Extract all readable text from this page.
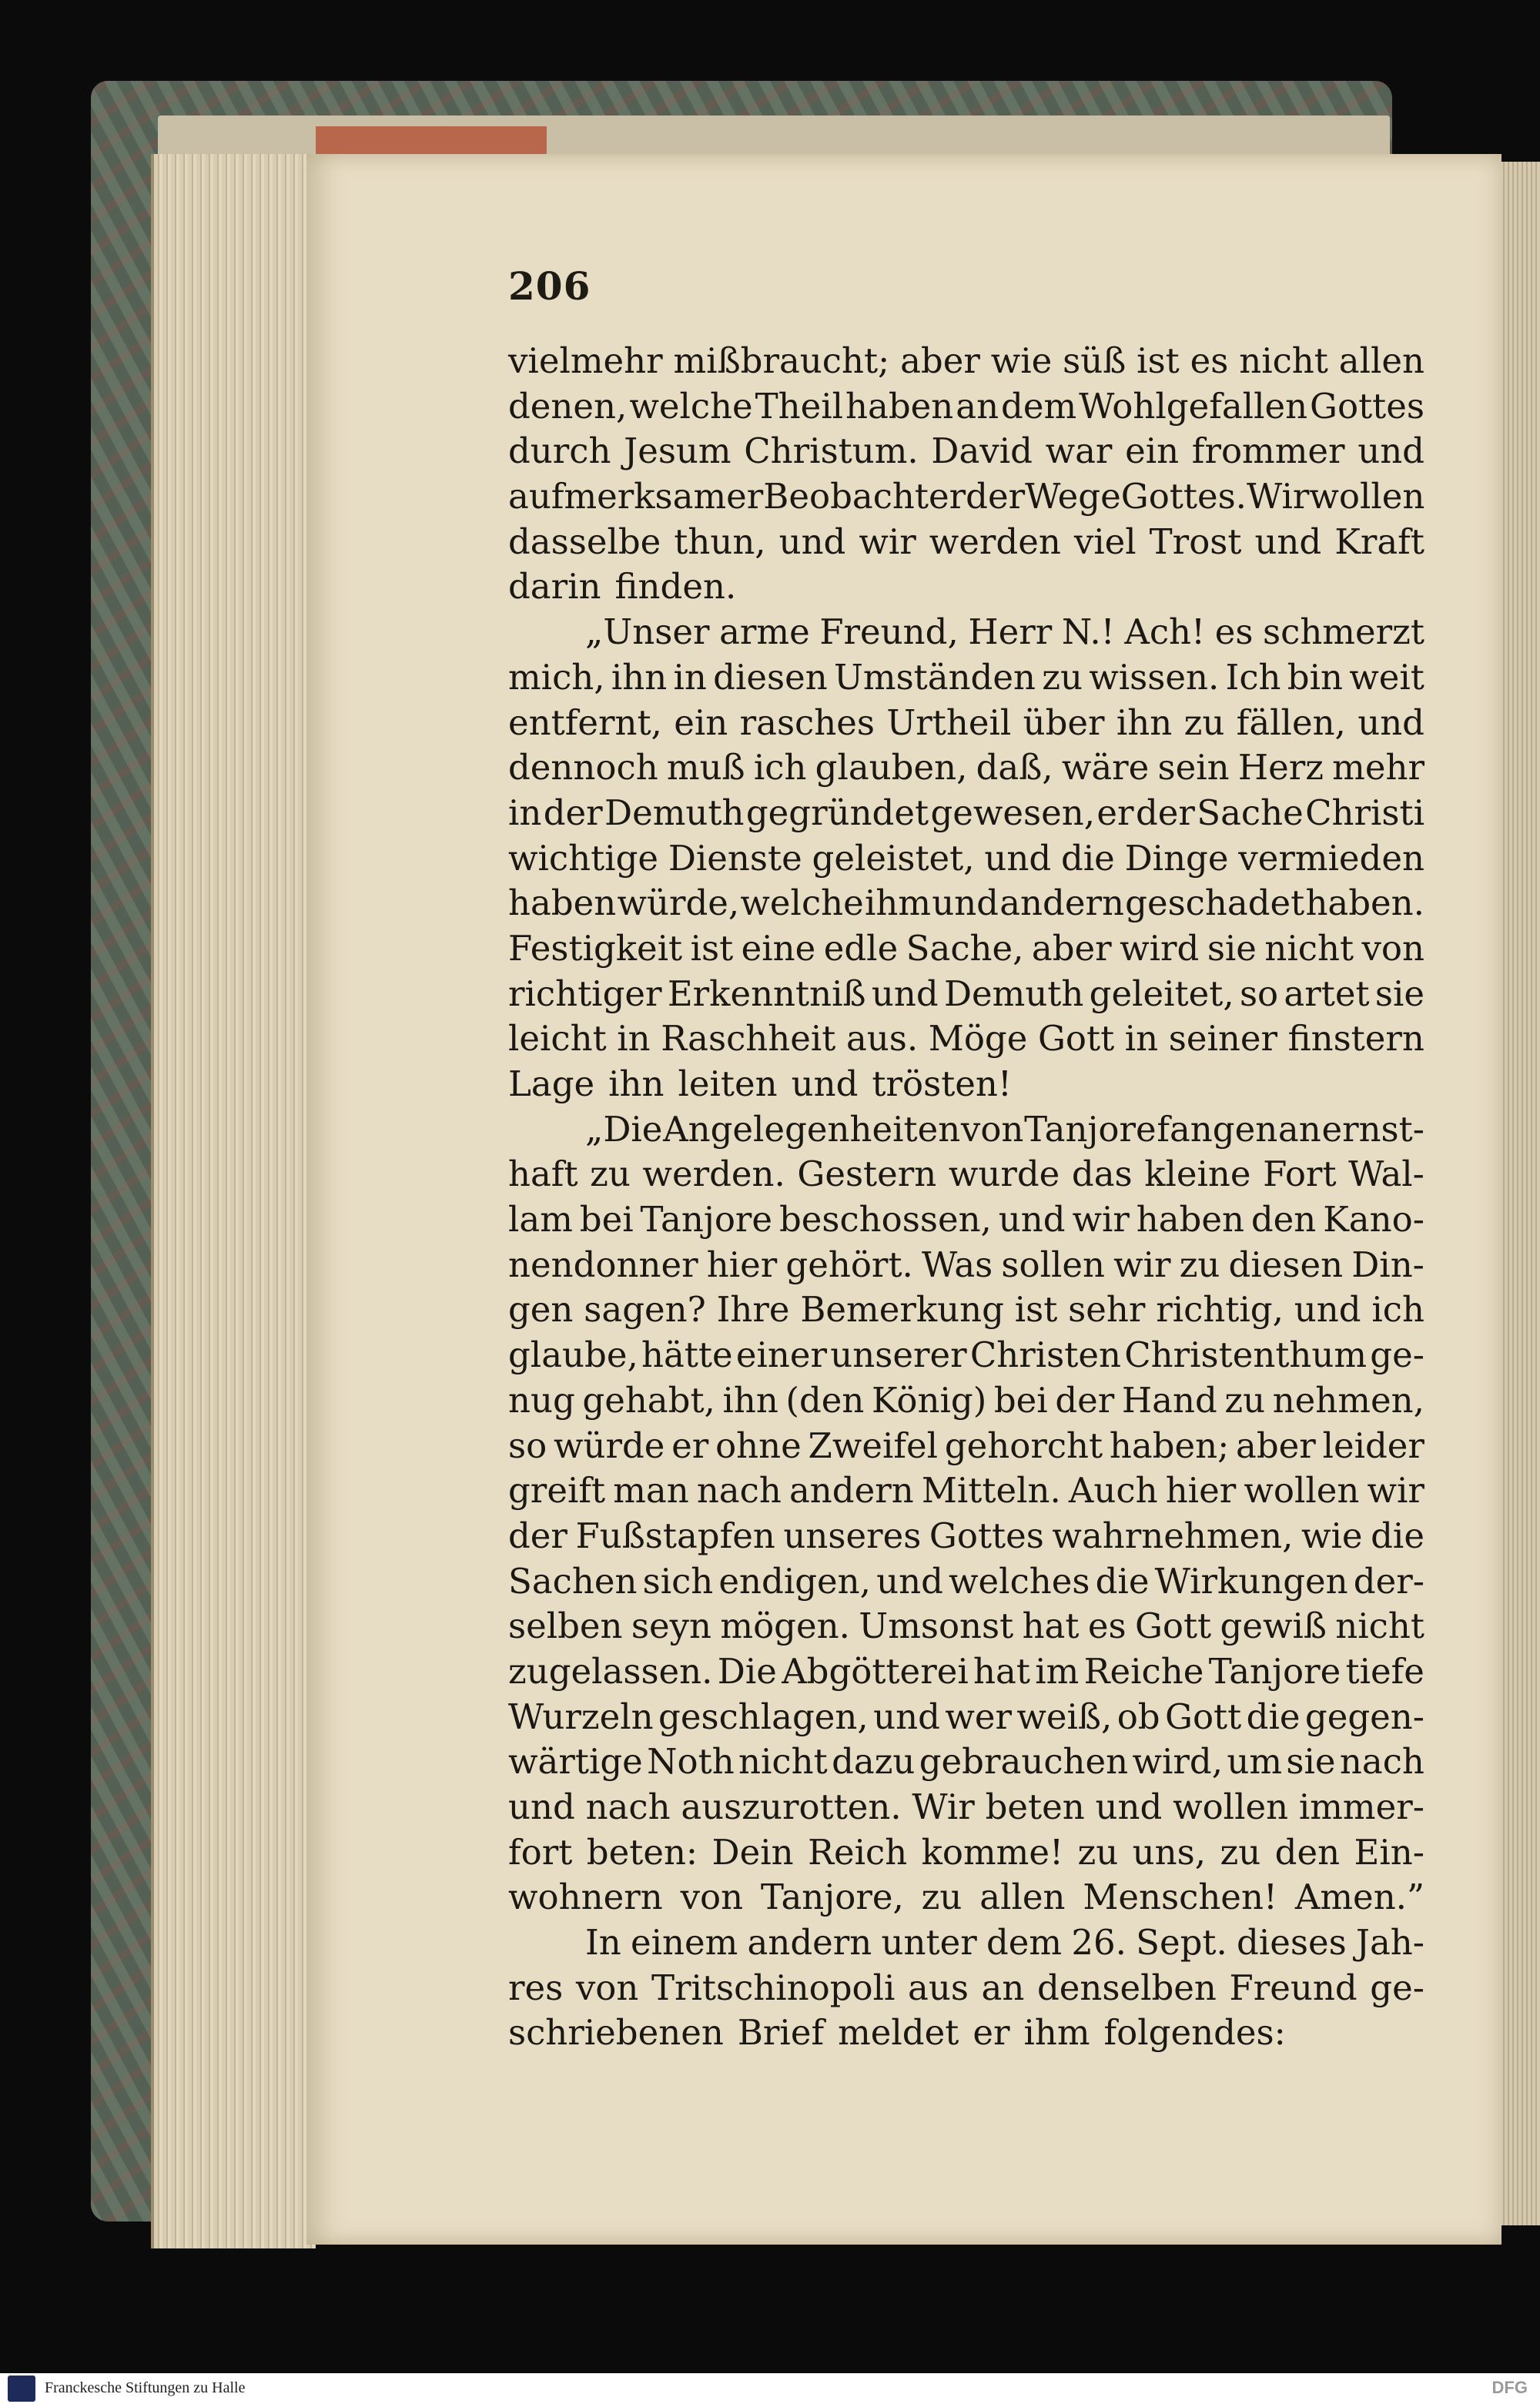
206
vielmehr mißbraucht; aber wie süß ist es nicht allen
denen, welche Theil haben an dem Wohlgefallen Gottes
durch Jesum Christum. David war ein frommer und
aufmerksamer Beobachter der Wege Gottes. Wir wollen
dasselbe thun, und wir werden viel Trost und Kraft
darin finden.
„Unser arme Freund, Herr N.! Ach! es schmerzt
mich, ihn in diesen Umständen zu wissen. Ich bin weit
entfernt, ein rasches Urtheil über ihn zu fällen, und
dennoch muß ich glauben, daß, wäre sein Herz mehr
in der Demuth gegründet gewesen, er der Sache Christi
wichtige Dienste geleistet, und die Dinge vermieden
haben würde, welche ihm und andern geschadet haben.
Festigkeit ist eine edle Sache, aber wird sie nicht von
richtiger Erkenntniß und Demuth geleitet, so artet sie
leicht in Raschheit aus. Möge Gott in seiner finstern
Lage ihn leiten und trösten!
„Die Angelegenheiten von Tanjore fangen an ernst-
haft zu werden. Gestern wurde das kleine Fort Wal-
lam bei Tanjore beschossen, und wir haben den Kano-
nendonner hier gehört. Was sollen wir zu diesen Din-
gen sagen? Ihre Bemerkung ist sehr richtig, und ich
glaube, hätte einer unserer Christen Christenthum ge-
nug gehabt, ihn (den König) bei der Hand zu nehmen,
so würde er ohne Zweifel gehorcht haben; aber leider
greift man nach andern Mitteln. Auch hier wollen wir
der Fußstapfen unseres Gottes wahrnehmen, wie die
Sachen sich endigen, und welches die Wirkungen der-
selben seyn mögen. Umsonst hat es Gott gewiß nicht
zugelassen. Die Abgötterei hat im Reiche Tanjore tiefe
Wurzeln geschlagen, und wer weiß, ob Gott die gegen-
wärtige Noth nicht dazu gebrauchen wird, um sie nach
und nach auszurotten. Wir beten und wollen immer-
fort beten: Dein Reich komme! zu uns, zu den Ein-
wohnern von Tanjore, zu allen Menschen! Amen.”
In einem andern unter dem 26. Sept. dieses Jah-
res von Tritschinopoli aus an denselben Freund ge-
schriebenen Brief meldet er ihm folgendes:
Franckesche Stiftungen zu Halle	DFG
